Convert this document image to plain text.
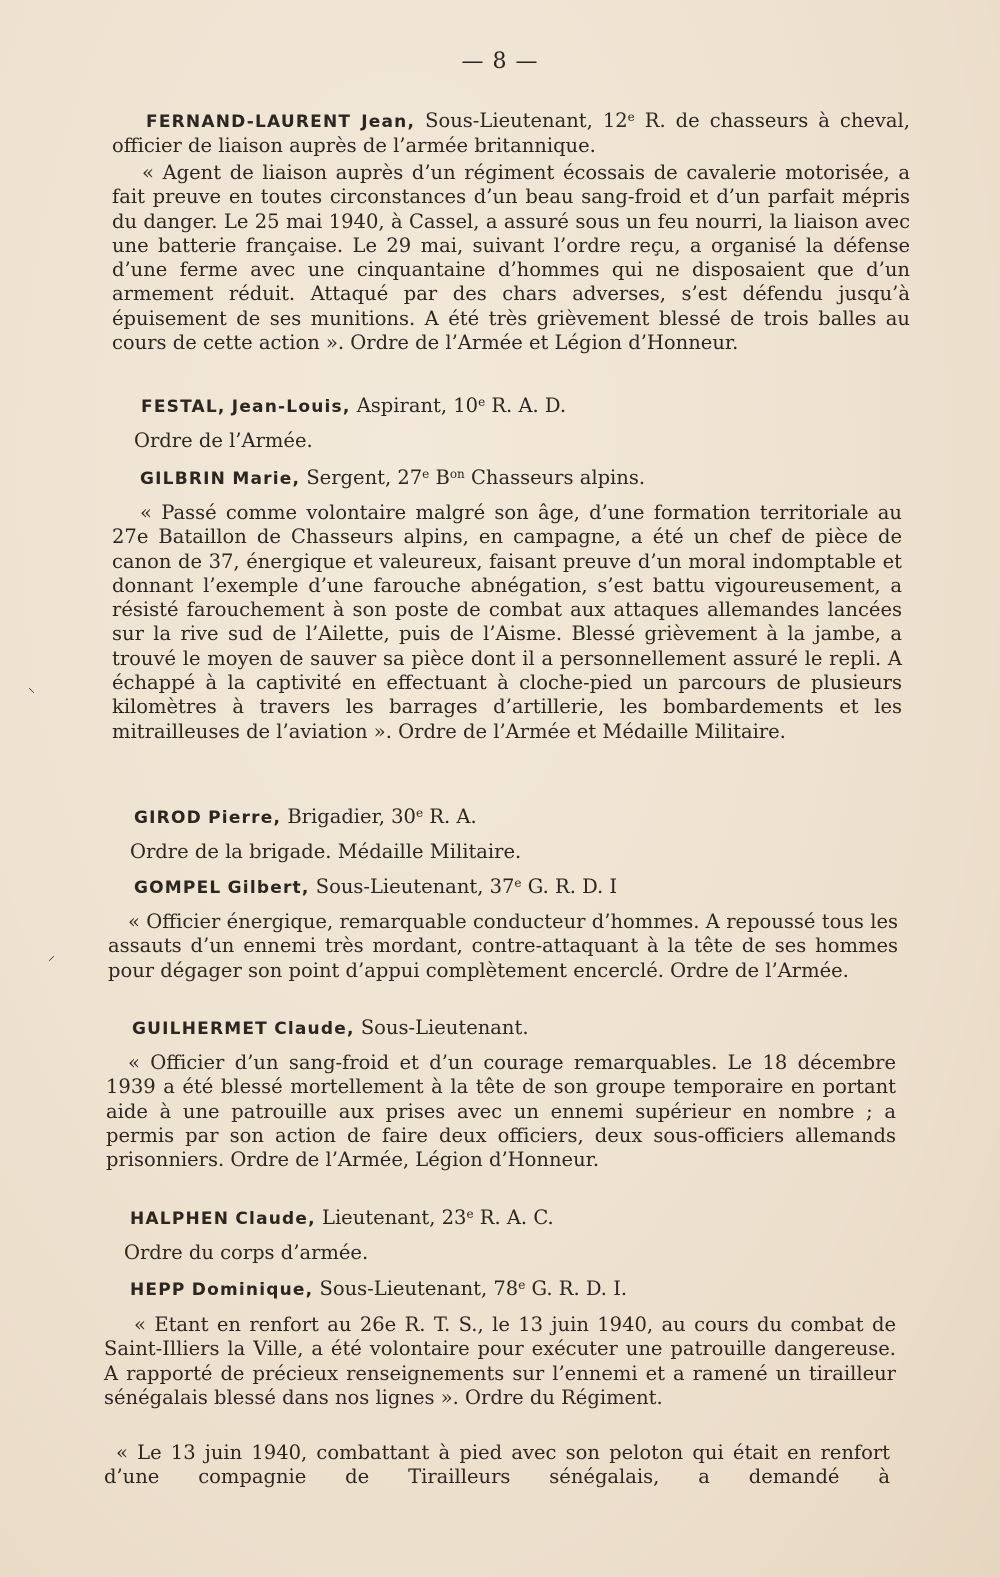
— 8 —

FERNAND-LAURENT Jean, Sous-Lieutenant, 12e R. de chasseurs à cheval, officier de liaison auprès de l’armée britannique.

« Agent de liaison auprès d’un régiment écossais de cavalerie motorisée, a fait preuve en toutes circonstances d’un beau sang-froid et d’un parfait mépris du danger. Le 25 mai 1940, à Cassel, a assuré sous un feu nourri, la liaison avec une batterie française. Le 29 mai, suivant l’ordre reçu, a organisé la défense d’une ferme avec une cinquantaine d’hommes qui ne disposaient que d’un armement réduit. Attaqué par des chars adverses, s’est défendu jusqu’à épuisement de ses munitions. A été très grièvement blessé de trois balles au cours de cette action ». Ordre de l’Armée et Légion d’Honneur.

FESTAL, Jean-Louis, Aspirant, 10e R. A. D.

Ordre de l’Armée.

GILBRIN Marie, Sergent, 27e $B^{on}$ Chasseurs alpins.

« Passé comme volontaire malgré son âge, d’une formation territoriale au 27e Bataillon de Chasseurs alpins, en campagne, a été un chef de pièce de canon de 37, énergique et valeureux, faisant preuve d’un moral indomptable et donnant l’exemple d’une farouche abnégation, s’est battu vigoureusement, a résisté farouchement à son poste de combat aux attaques allemandes lancées sur la rive sud de l’Ailette, puis de l’Aisme. Blessé grièvement à la jambe, a trouvé le moyen de sauver sa pièce dont il a personnellement assuré le repli. A échappé à la captivité en effectuant à cloche-pied un parcours de plusieurs kilomètres à travers les barrages d’artillerie, les bombardements et les mitrailleuses de l’aviation ». Ordre de l’Armée et Médaille Militaire.

GIROD Pierre, Brigadier, 30e R. A.

Ordre de la brigade. Médaille Militaire.

GOMPEL Gilbert, Sous-Lieutenant, 37e G. R. D. I

« Officier énergique, remarquable conducteur d’hommes. A repoussé tous les assauts d’un ennemi très mordant, contre-attaquant à la tête de ses hommes pour dégager son point d’appui complètement encerclé. Ordre de l’Armée.

GUILHERMET Claude, Sous-Lieutenant.

« Officier d’un sang-froid et d’un courage remarquables. Le 18 décembre 1939 a été blessé mortellement à la tête de son groupe temporaire en portant aide à une patrouille aux prises avec un ennemi supérieur en nombre ; a permis par son action de faire deux officiers, deux sous-officiers allemands prisonniers. Ordre de l’Armée, Légion d’Honneur.

HALPHEN Claude, Lieutenant, 23e R. A. C.

Ordre du corps d’armée.

HEPP Dominique, Sous-Lieutenant, 78e G. R. D. I.

« Etant en renfort au 26e R. T. S., le 13 juin 1940, au cours du combat de Saint-Illiers la Ville, a été volontaire pour exécuter une patrouille dangereuse. A rapporté de précieux renseignements sur l’ennemi et a ramené un tirailleur sénégalais blessé dans nos lignes ». Ordre du Régiment.

« Le 13 juin 1940, combattant à pied avec son peloton qui était en renfort d’une compagnie de Tirailleurs sénégalais, a demandé à

⸜
⸝
